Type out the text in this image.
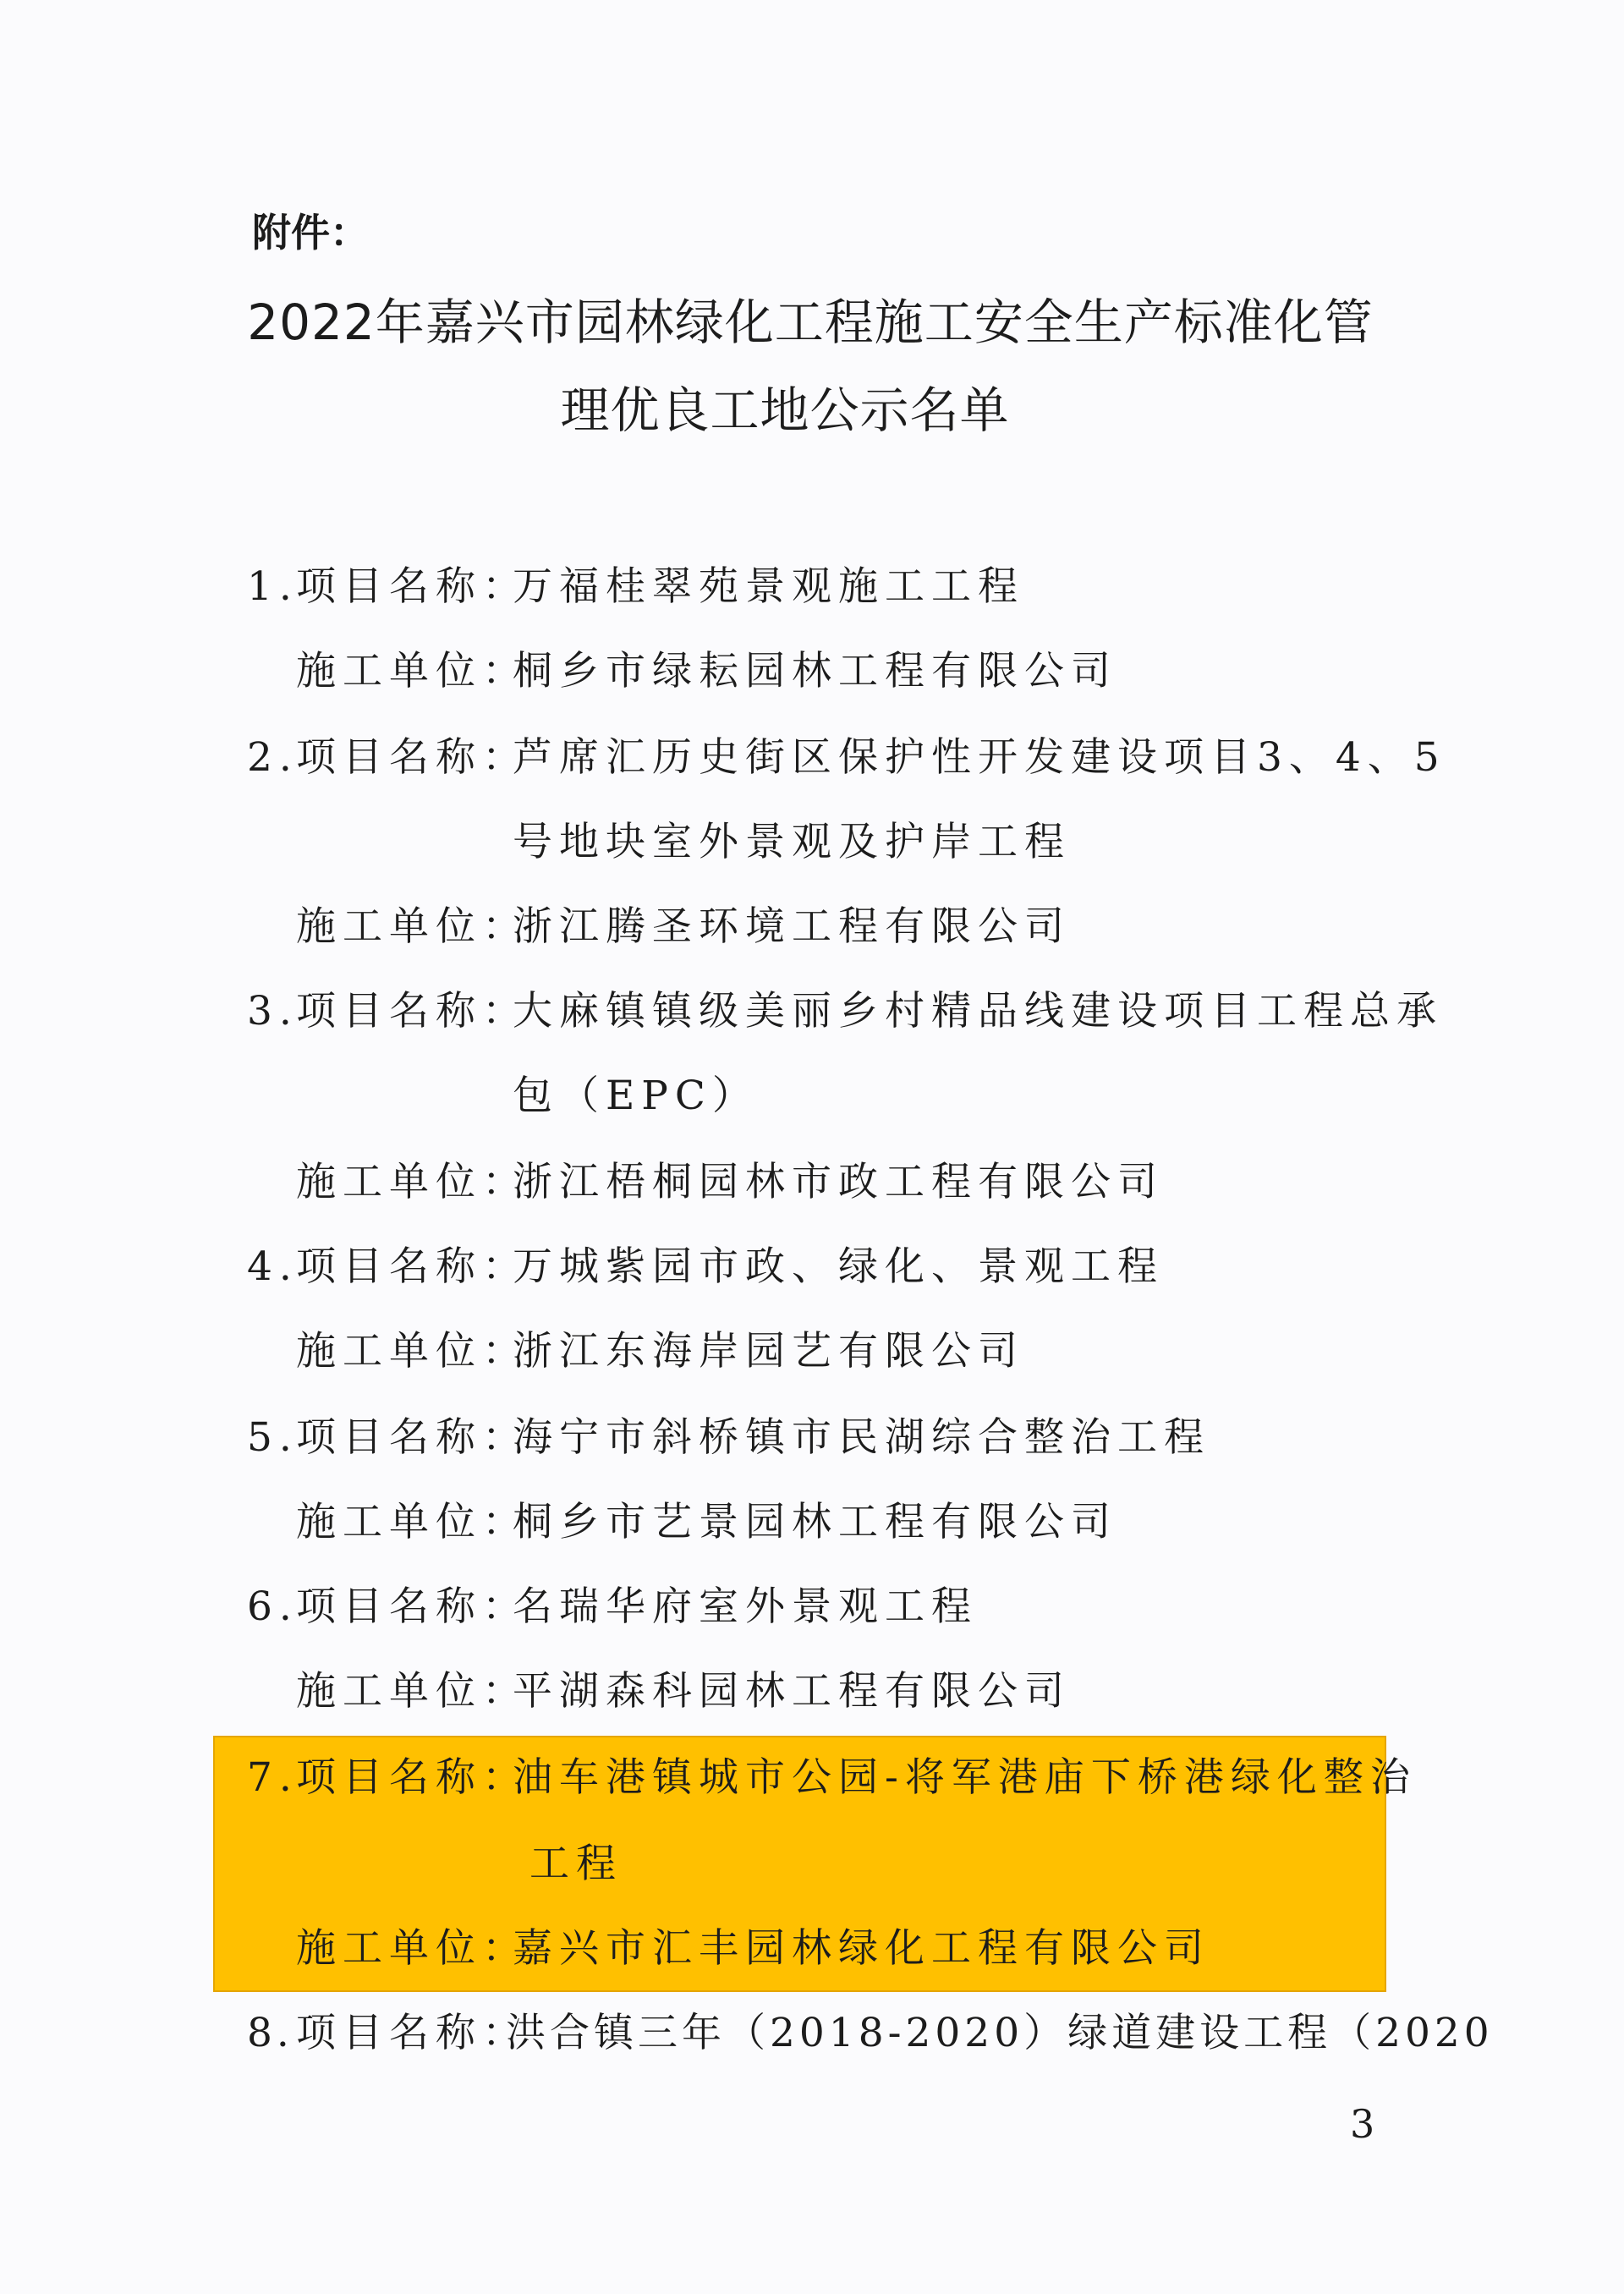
附件：
2022年嘉兴市园林绿化工程施工安全生产标准化管
理优良工地公示名单
1.
项目名称：
万福桂翠苑景观施工工程
施工单位：
桐乡市绿耘园林工程有限公司
2.
项目名称：
芦席汇历史街区保护性开发建设项目3、4、5
号地块室外景观及护岸工程
施工单位：
浙江腾圣环境工程有限公司
3.
项目名称：
大麻镇镇级美丽乡村精品线建设项目工程总承
包（EPC）
施工单位：
浙江梧桐园林市政工程有限公司
4.
项目名称：
万城紫园市政、绿化、景观工程
施工单位：
浙江东海岸园艺有限公司
5.
项目名称：
海宁市斜桥镇市民湖综合整治工程
施工单位：
桐乡市艺景园林工程有限公司
6.
项目名称：
名瑞华府室外景观工程
施工单位：
平湖森科园林工程有限公司
7.
项目名称：
油车港镇城市公园-将军港庙下桥港绿化整治
工程
施工单位：
嘉兴市汇丰园林绿化工程有限公司
8. 项目名称：
洪合镇三年（2018-2020）绿道建设工程（2020
3
